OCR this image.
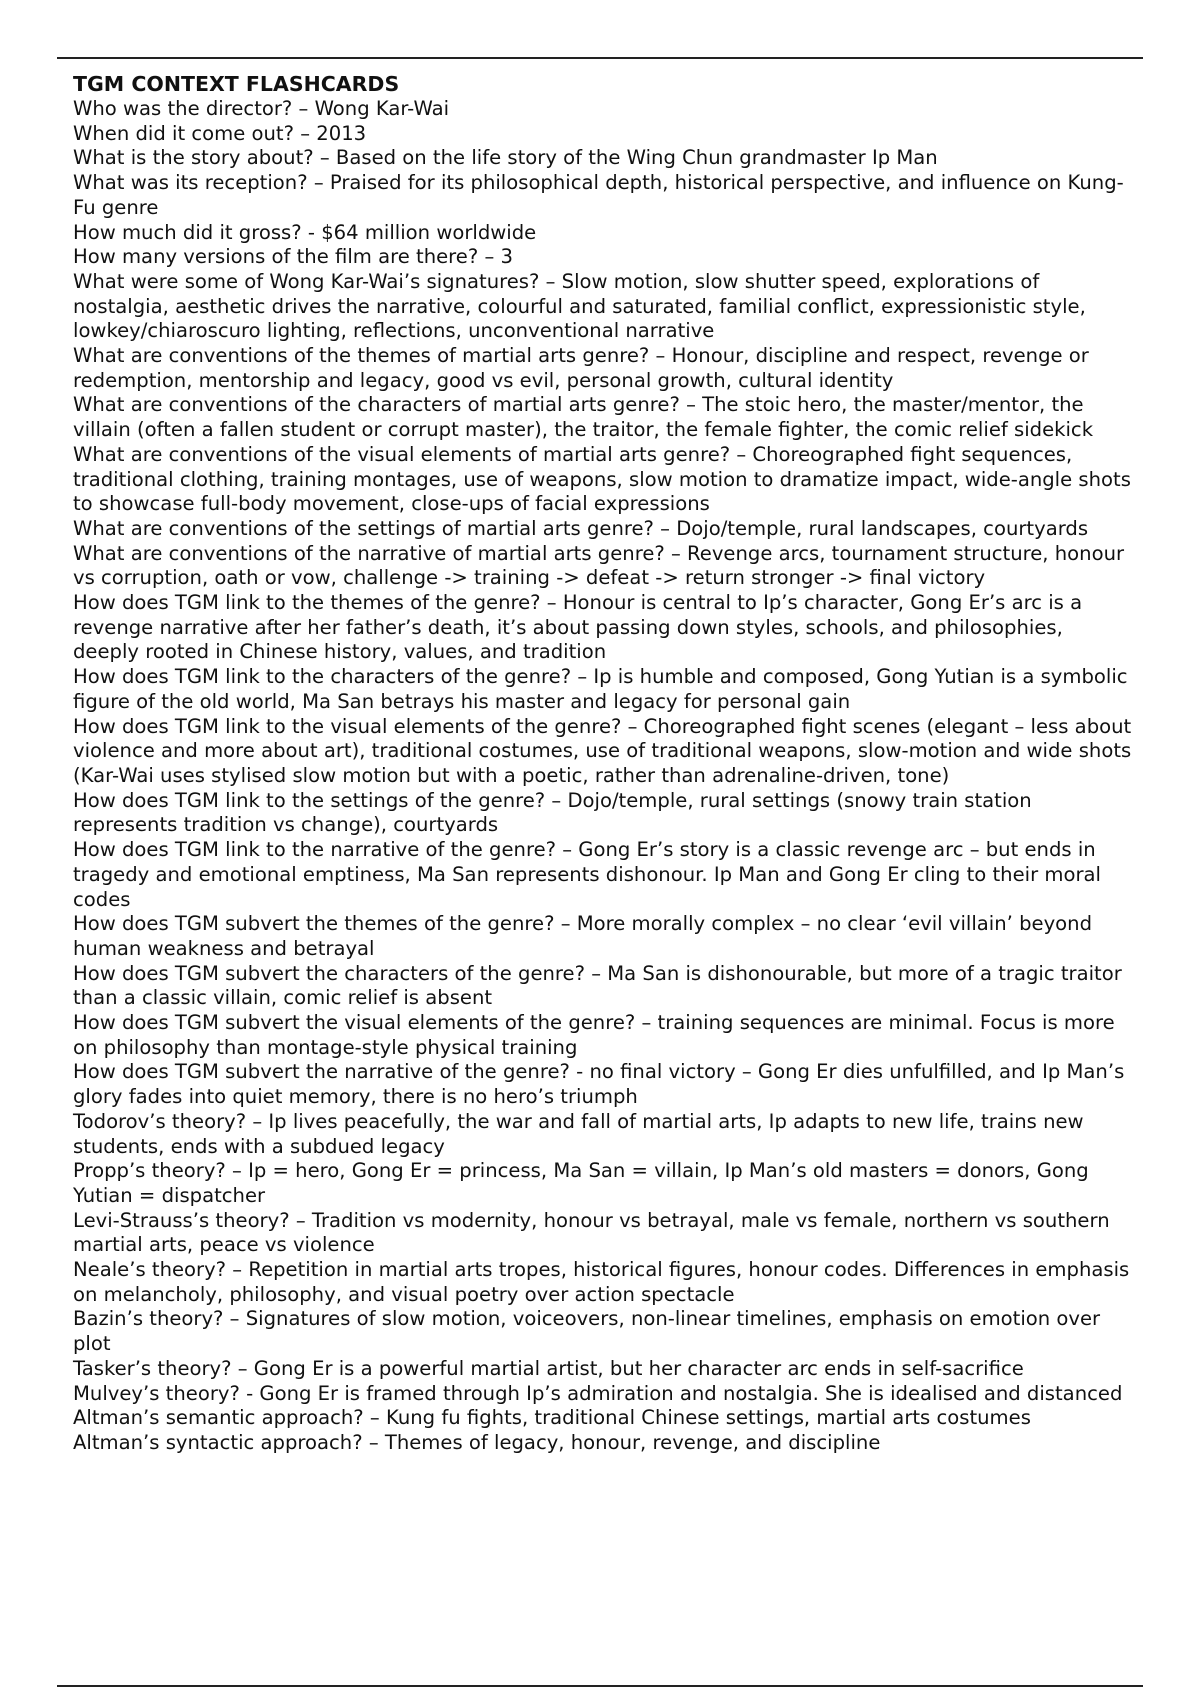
TGM CONTEXT FLASHCARDS

Who was the director? – Wong Kar-Wai

When did it come out? – 2013

What is the story about? – Based on the life story of the Wing Chun grandmaster Ip Man

What was its reception? – Praised for its philosophical depth, historical perspective, and influence on Kung-Fu genre

How much did it gross? - $64 million worldwide

How many versions of the film are there? – 3

What were some of Wong Kar-Wai’s signatures? – Slow motion, slow shutter speed, explorations of nostalgia, aesthetic drives the narrative, colourful and saturated, familial conflict, expressionistic style, lowkey/chiaroscuro lighting, reflections, unconventional narrative

What are conventions of the themes of martial arts genre? – Honour, discipline and respect, revenge or redemption, mentorship and legacy, good vs evil, personal growth, cultural identity

What are conventions of the characters of martial arts genre? – The stoic hero, the master/mentor, the villain (often a fallen student or corrupt master), the traitor, the female fighter, the comic relief sidekick

What are conventions of the visual elements of martial arts genre? – Choreographed fight sequences, traditional clothing, training montages, use of weapons, slow motion to dramatize impact, wide-angle shots to showcase full-body movement, close-ups of facial expressions

What are conventions of the settings of martial arts genre? – Dojo/temple, rural landscapes, courtyards

What are conventions of the narrative of martial arts genre? – Revenge arcs, tournament structure, honour vs corruption, oath or vow, challenge -> training -> defeat -> return stronger -> final victory

How does TGM link to the themes of the genre? – Honour is central to Ip’s character, Gong Er’s arc is a revenge narrative after her father’s death, it’s about passing down styles, schools, and philosophies, deeply rooted in Chinese history, values, and tradition

How does TGM link to the characters of the genre? – Ip is humble and composed, Gong Yutian is a symbolic figure of the old world, Ma San betrays his master and legacy for personal gain

How does TGM link to the visual elements of the genre? – Choreographed fight scenes (elegant – less about violence and more about art), traditional costumes, use of traditional weapons, slow-motion and wide shots (Kar-Wai uses stylised slow motion but with a poetic, rather than adrenaline-driven, tone)

How does TGM link to the settings of the genre? – Dojo/temple, rural settings (snowy train station represents tradition vs change), courtyards

How does TGM link to the narrative of the genre? – Gong Er’s story is a classic revenge arc – but ends in tragedy and emotional emptiness, Ma San represents dishonour. Ip Man and Gong Er cling to their moral codes

How does TGM subvert the themes of the genre? – More morally complex – no clear ‘evil villain’ beyond human weakness and betrayal

How does TGM subvert the characters of the genre? – Ma San is dishonourable, but more of a tragic traitor than a classic villain, comic relief is absent

How does TGM subvert the visual elements of the genre? – training sequences are minimal. Focus is more on philosophy than montage-style physical training

How does TGM subvert the narrative of the genre? - no final victory – Gong Er dies unfulfilled, and Ip Man’s glory fades into quiet memory, there is no hero’s triumph

Todorov’s theory? – Ip lives peacefully, the war and fall of martial arts, Ip adapts to new life, trains new students, ends with a subdued legacy

Propp’s theory? – Ip = hero, Gong Er = princess, Ma San = villain, Ip Man’s old masters = donors, Gong Yutian = dispatcher

Levi-Strauss’s theory? – Tradition vs modernity, honour vs betrayal, male vs female, northern vs southern martial arts, peace vs violence

Neale’s theory? – Repetition in martial arts tropes, historical figures, honour codes. Differences in emphasis on melancholy, philosophy, and visual poetry over action spectacle

Bazin’s theory? – Signatures of slow motion, voiceovers, non-linear timelines, emphasis on emotion over plot

Tasker’s theory? – Gong Er is a powerful martial artist, but her character arc ends in self-sacrifice

Mulvey’s theory? - Gong Er is framed through Ip’s admiration and nostalgia. She is idealised and distanced

Altman’s semantic approach? – Kung fu fights, traditional Chinese settings, martial arts costumes

Altman’s syntactic approach? – Themes of legacy, honour, revenge, and discipline
